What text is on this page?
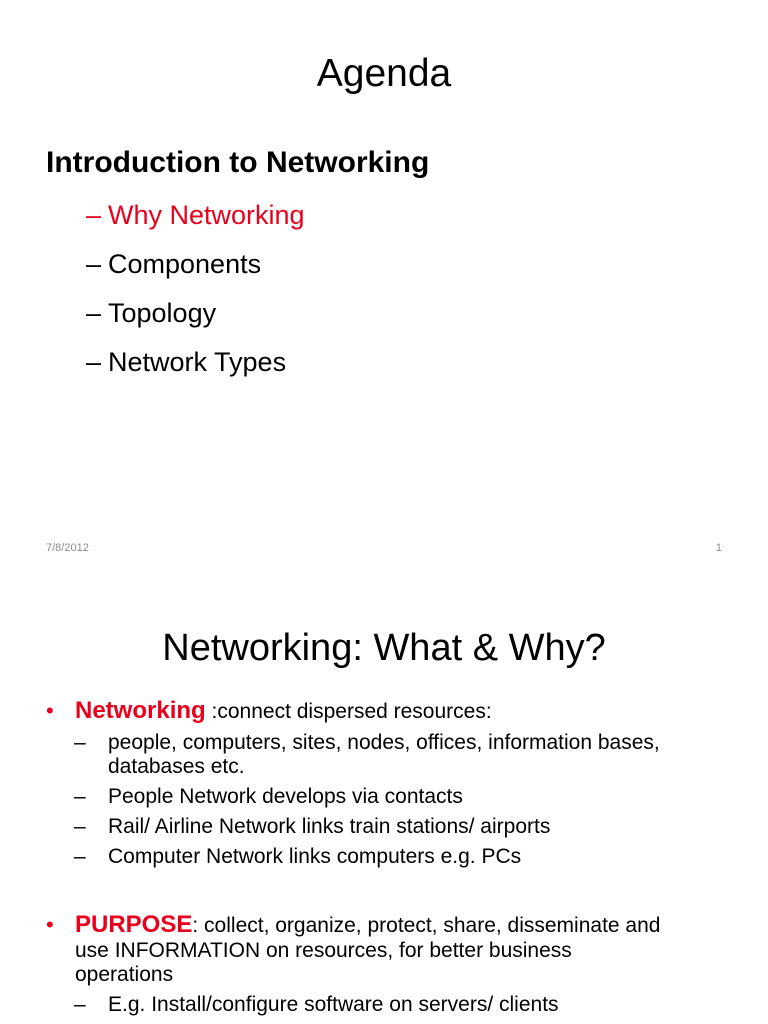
Agenda
Introduction to Networking
– Why Networking
– Components
– Topology
– Network Types
7/8/2012	1
Networking: What & Why?
• Networking :connect dispersed resources:
– people, computers, sites, nodes, offices, information bases, databases etc.
– People Network develops via contacts
– Rail/ Airline Network links train stations/ airports
– Computer Network links computers e.g. PCs
• PURPOSE: collect, organize, protect, share, disseminate and
use INFORMATION on resources, for better business
operations
– E.g. Install/configure software on servers/ clients
